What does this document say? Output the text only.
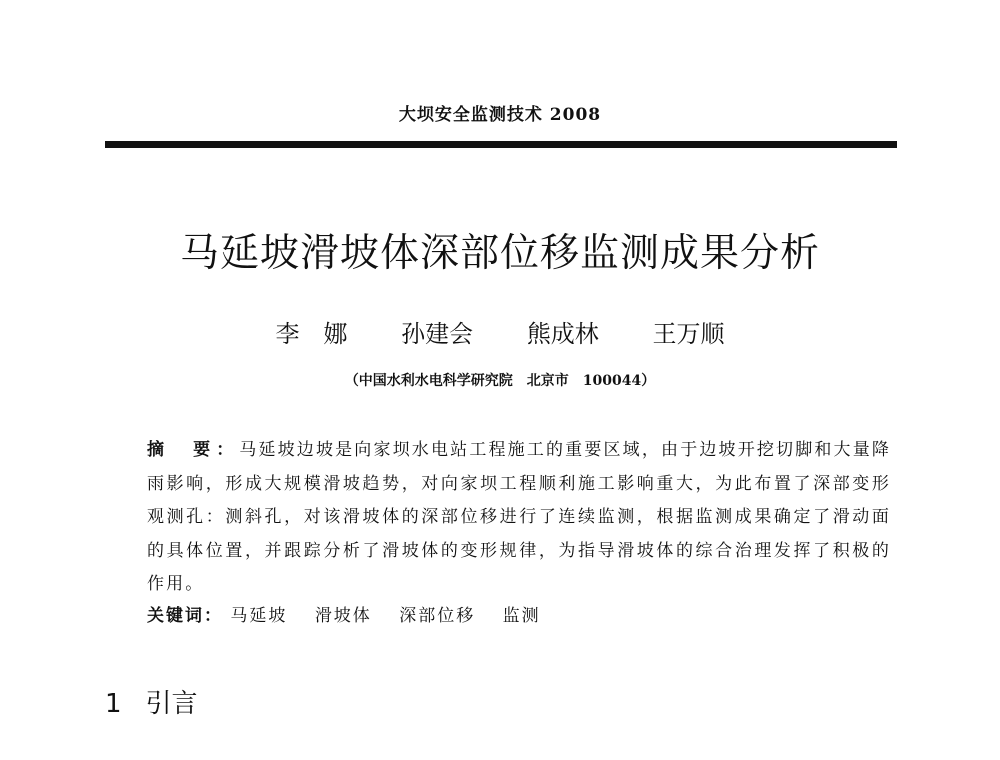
大坝安全监测技术 2008
马延坡滑坡体深部位移监测成果分析
李　娜 孙建会 熊成林 王万顺
（中国水利水电科学研究院　北京市　100044）
摘　要：马延坡边坡是向家坝水电站工程施工的重要区域，由于边坡开挖切脚和大量降雨影响，形成大规模滑坡趋势，对向家坝工程顺利施工影响重大，为此布置了深部变形观测孔：测斜孔，对该滑坡体的深部位移进行了连续监测，根据监测成果确定了滑动面的具体位置，并跟踪分析了滑坡体的变形规律，为指导滑坡体的综合治理发挥了积极的作用。
关键词： 马延坡 滑坡体 深部位移 监测
1 引言
